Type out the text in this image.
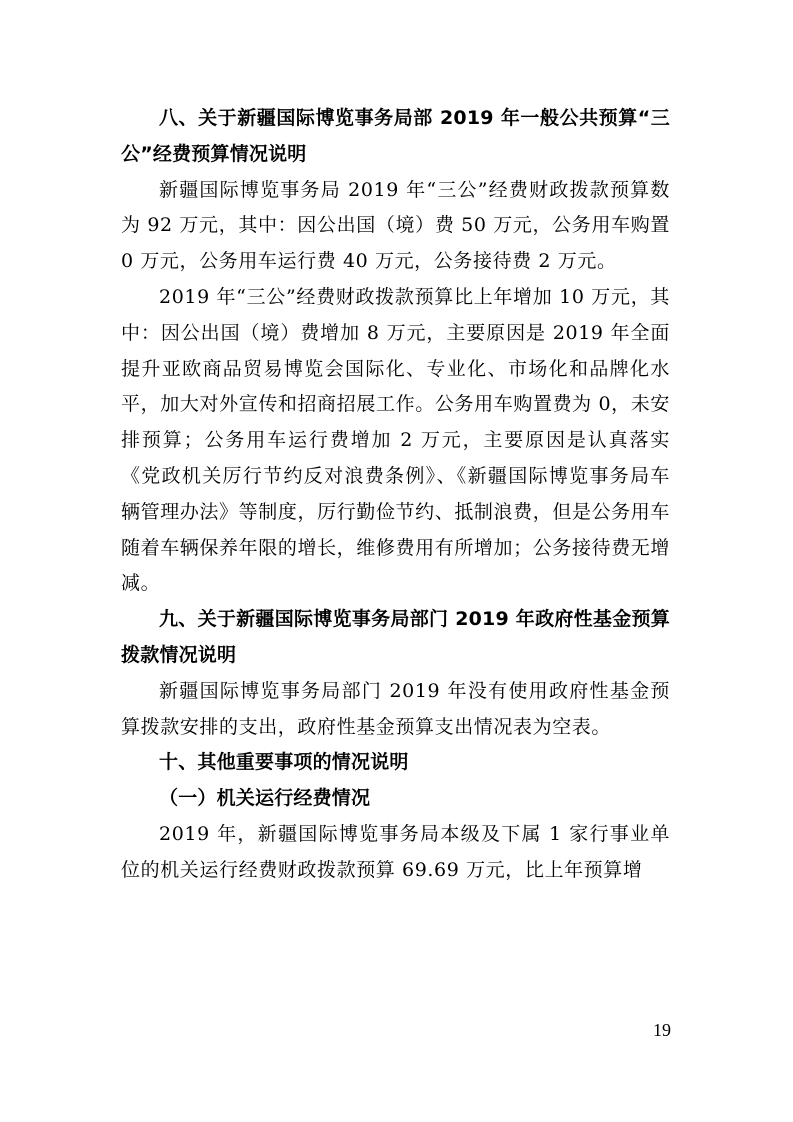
八、关于新疆国际博览事务局部 2019 年一般公共预算“三公”经费预算情况说明
新疆国际博览事务局 2019 年“三公”经费财政拨款预算数为 92 万元，其中：因公出国（境）费 50 万元，公务用车购置 0 万元，公务用车运行费 40 万元，公务接待费 2 万元。
2019 年“三公”经费财政拨款预算比上年增加 10 万元，其中：因公出国（境）费增加 8 万元，主要原因是 2019 年全面提升亚欧商品贸易博览会国际化、专业化、市场化和品牌化水平，加大对外宣传和招商招展工作。公务用车购置费为 0，未安排预算；公务用车运行费增加 2 万元，主要原因是认真落实《党政机关厉行节约反对浪费条例》、《新疆国际博览事务局车辆管理办法》等制度，厉行勤俭节约、抵制浪费，但是公务用车随着车辆保养年限的增长，维修费用有所增加；公务接待费无增减。
九、关于新疆国际博览事务局部门 2019 年政府性基金预算拨款情况说明
新疆国际博览事务局部门 2019 年没有使用政府性基金预算拨款安排的支出，政府性基金预算支出情况表为空表。
十、其他重要事项的情况说明
（一）机关运行经费情况
2019 年，新疆国际博览事务局本级及下属 1 家行事业单位的机关运行经费财政拨款预算 69.69 万元，比上年预算增
19
